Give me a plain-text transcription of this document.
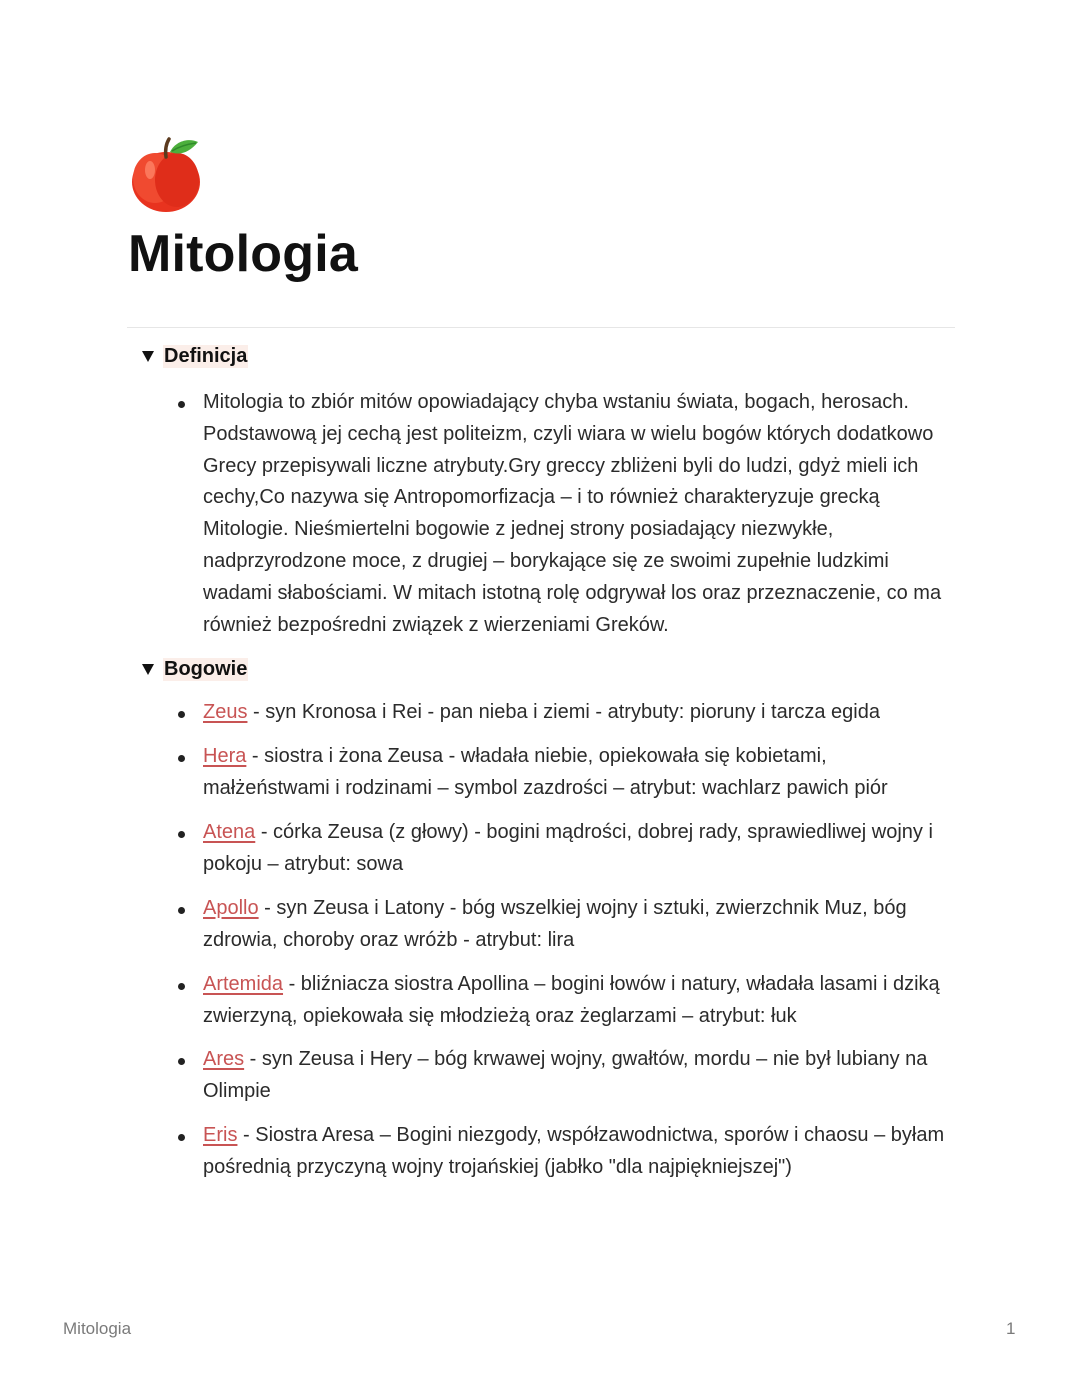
Mitologia
Definicja
Mitologia to zbiór mitów opowiadający chyba wstaniu świata, bogach, herosach. Podstawową jej cechą jest politeizm, czyli wiara w wielu bogów których dodatkowo Grecy przepisywali liczne atrybuty.Gry greccy zbliżeni byli do ludzi, gdyż mieli ich cechy,Co nazywa się Antropomorfizacja – i to również charakteryzuje grecką Mitologie. Nieśmiertelni bogowie z jednej strony posiadający niezwykłe, nadprzyrodzone moce, z drugiej – borykające się ze swoimi zupełnie ludzkimi wadami słabościami. W mitach istotną rolę odgrywał los oraz przeznaczenie, co ma również bezpośredni związek z wierzeniami Greków.
Bogowie
Zeus - syn Kronosa i Rei - pan nieba i ziemi - atrybuty: pioruny i tarcza egida
Hera - siostra i żona Zeusa - władała niebie, opiekowała się kobietami, małżeństwami i rodzinami – symbol zazdrości – atrybut: wachlarz pawich piór
Atena - córka Zeusa (z głowy) - bogini mądrości, dobrej rady, sprawiedliwej wojny i pokoju – atrybut: sowa
Apollo - syn Zeusa i Latony - bóg wszelkiej wojny i sztuki, zwierzchnik Muz, bóg zdrowia, choroby oraz wróżb - atrybut: lira
Artemida - bliźniacza siostra Apollina – bogini łowów i natury, władała lasami i dziką zwierzyną, opiekowała się młodzieżą oraz żeglarzami – atrybut: łuk
Ares - syn Zeusa i Hery – bóg krwawej wojny, gwałtów, mordu – nie był lubiany na Olimpie
Eris - Siostra Aresa – Bogini niezgody, współzawodnictwa, sporów i chaosu – byłam pośrednią przyczyną wojny trojańskiej (jabłko "dla najpiękniejszej")
Mitologia	1
